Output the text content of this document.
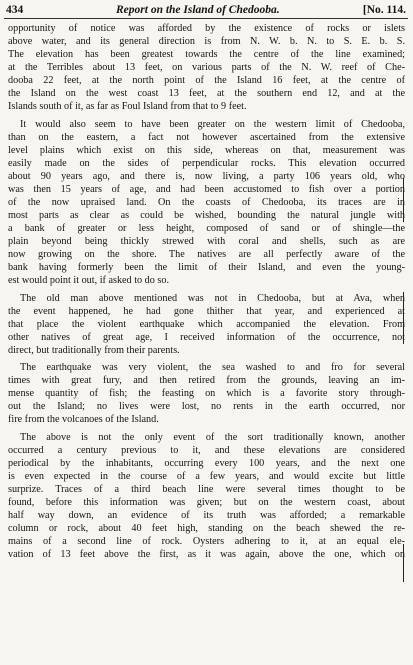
434	Report on the Island of Chedooba.	[No. 114.
opportunity of notice was afforded by the existence of rocks or islets
above water, and its general direction is from N. W. b. N. to S. E. b. S.
The elevation has been greatest towards the centre of the line examined;
at the Terribles about 13 feet, on various parts of the N. W. reef of Che-
dooba 22 feet, at the north point of the Island 16 feet, at the centre of
the Island on the west coast 13 feet, at the southern end 12, and at the
Islands south of it, as far as Foul Island from that to 9 feet.
It would also seem to have been greater on the western limit of Chedooba,
than on the eastern, a fact not however ascertained from the extensive
level plains which exist on this side, whereas on that, measurement was
easily made on the sides of perpendicular rocks. This elevation occurred
about 90 years ago, and there is, now living, a party 106 years old, who
was then 15 years of age, and had been accustomed to fish over a portion
of the now upraised land. On the coasts of Chedooba, its traces are in
most parts as clear as could be wished, bounding the natural jungle with
a bank of greater or less height, composed of sand or of shingle—the
plain beyond being thickly strewed with coral and shells, such as are
now growing on the shore. The natives are all perfectly aware of the
bank having formerly been the limit of their Island, and even the young-
est would point it out, if asked to do so.
The old man above mentioned was not in Chedooba, but at Ava, when
the event happened, he had gone thither that year, and experienced at
that place the violent earthquake which accompanied the elevation. From
other natives of great age, I received information of the occurrence, not
direct, but traditionally from their parents.
The earthquake was very violent, the sea washed to and fro for several
times with great fury, and then retired from the grounds, leaving an im-
mense quantity of fish; the feasting on which is a favorite story through-
out the Island; no lives were lost, no rents in the earth occurred, nor
fire from the volcanoes of the Island.
The above is not the only event of the sort traditionally known, another
occurred a century previous to it, and these elevations are considered
periodical by the inhabitants, occurring every 100 years, and the next one
is even expected in the course of a few years, and would excite but little
surprize. Traces of a third beach line were several times thought to be
found, before this information was given; but on the western coast, about
half way down, an evidence of its truth was afforded; a remarkable
column or rock, about 40 feet high, standing on the beach shewed the re-
mains of a second line of rock. Oysters adhering to it, at an equal ele-
vation of 13 feet above the first, as it was again, above the one, which on
